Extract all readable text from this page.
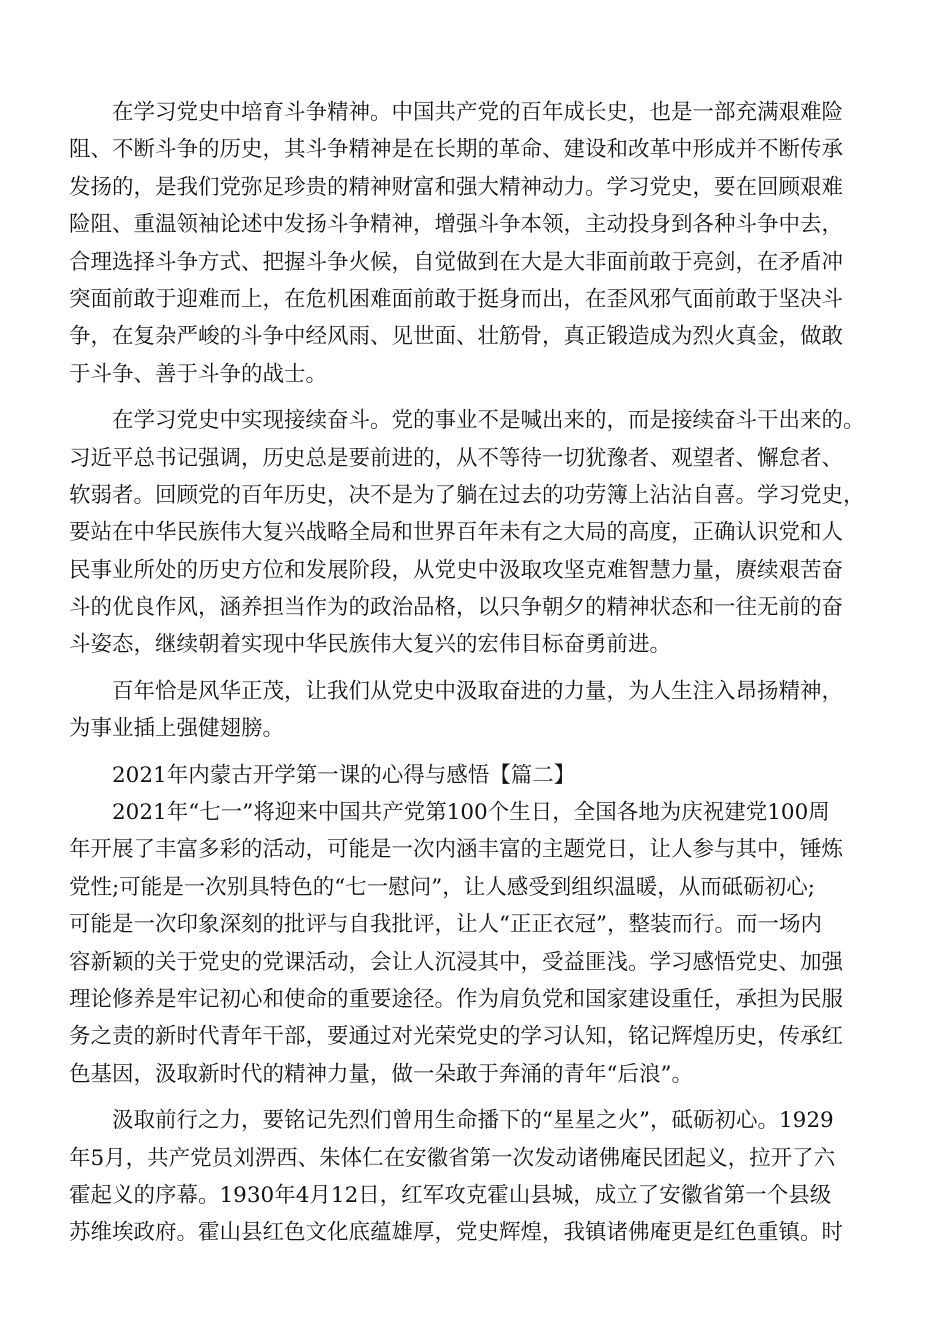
在学习党史中培育斗争精神。中国共产党的百年成长史，也是一部充满艰难险

阻、不断斗争的历史，其斗争精神是在长期的革命、建设和改革中形成并不断传承

发扬的，是我们党弥足珍贵的精神财富和强大精神动力。学习党史，要在回顾艰难

险阻、重温领袖论述中发扬斗争精神，增强斗争本领，主动投身到各种斗争中去，

合理选择斗争方式、把握斗争火候，自觉做到在大是大非面前敢于亮剑，在矛盾冲

突面前敢于迎难而上，在危机困难面前敢于挺身而出，在歪风邪气面前敢于坚决斗

争，在复杂严峻的斗争中经风雨、见世面、壮筋骨，真正锻造成为烈火真金，做敢

于斗争、善于斗争的战士。

在学习党史中实现接续奋斗。党的事业不是喊出来的，而是接续奋斗干出来的。

习近平总书记强调，历史总是要前进的，从不等待一切犹豫者、观望者、懈怠者、

软弱者。回顾党的百年历史，决不是为了躺在过去的功劳簿上沾沾自喜。学习党史，

要站在中华民族伟大复兴战略全局和世界百年未有之大局的高度，正确认识党和人

民事业所处的历史方位和发展阶段，从党史中汲取攻坚克难智慧力量，赓续艰苦奋

斗的优良作风，涵养担当作为的政治品格，以只争朝夕的精神状态和一往无前的奋

斗姿态，继续朝着实现中华民族伟大复兴的宏伟目标奋勇前进。

百年恰是风华正茂，让我们从党史中汲取奋进的力量，为人生注入昂扬精神，

为事业插上强健翅膀。

2021年内蒙古开学第一课的心得与感悟【篇二】

2021年“七一”将迎来中国共产党第100个生日，全国各地为庆祝建党100周

年开展了丰富多彩的活动，可能是一次内涵丰富的主题党日，让人参与其中，锤炼

党性;可能是一次别具特色的“七一慰问”，让人感受到组织温暖，从而砥砺初心;

可能是一次印象深刻的批评与自我批评，让人“正正衣冠”，整装而行。而一场内

容新颖的关于党史的党课活动，会让人沉浸其中，受益匪浅。学习感悟党史、加强

理论修养是牢记初心和使命的重要途径。作为肩负党和国家建设重任，承担为民服

务之责的新时代青年干部，要通过对光荣党史的学习认知，铭记辉煌历史，传承红

色基因，汲取新时代的精神力量，做一朵敢于奔涌的青年“后浪”。

汲取前行之力，要铭记先烈们曾用生命播下的“星星之火”，砥砺初心。1929

年5月，共产党员刘淠西、朱体仁在安徽省第一次发动诸佛庵民团起义，拉开了六

霍起义的序幕。1930年4月12日，红军攻克霍山县城，成立了安徽省第一个县级

苏维埃政府。霍山县红色文化底蕴雄厚，党史辉煌，我镇诸佛庵更是红色重镇。时
